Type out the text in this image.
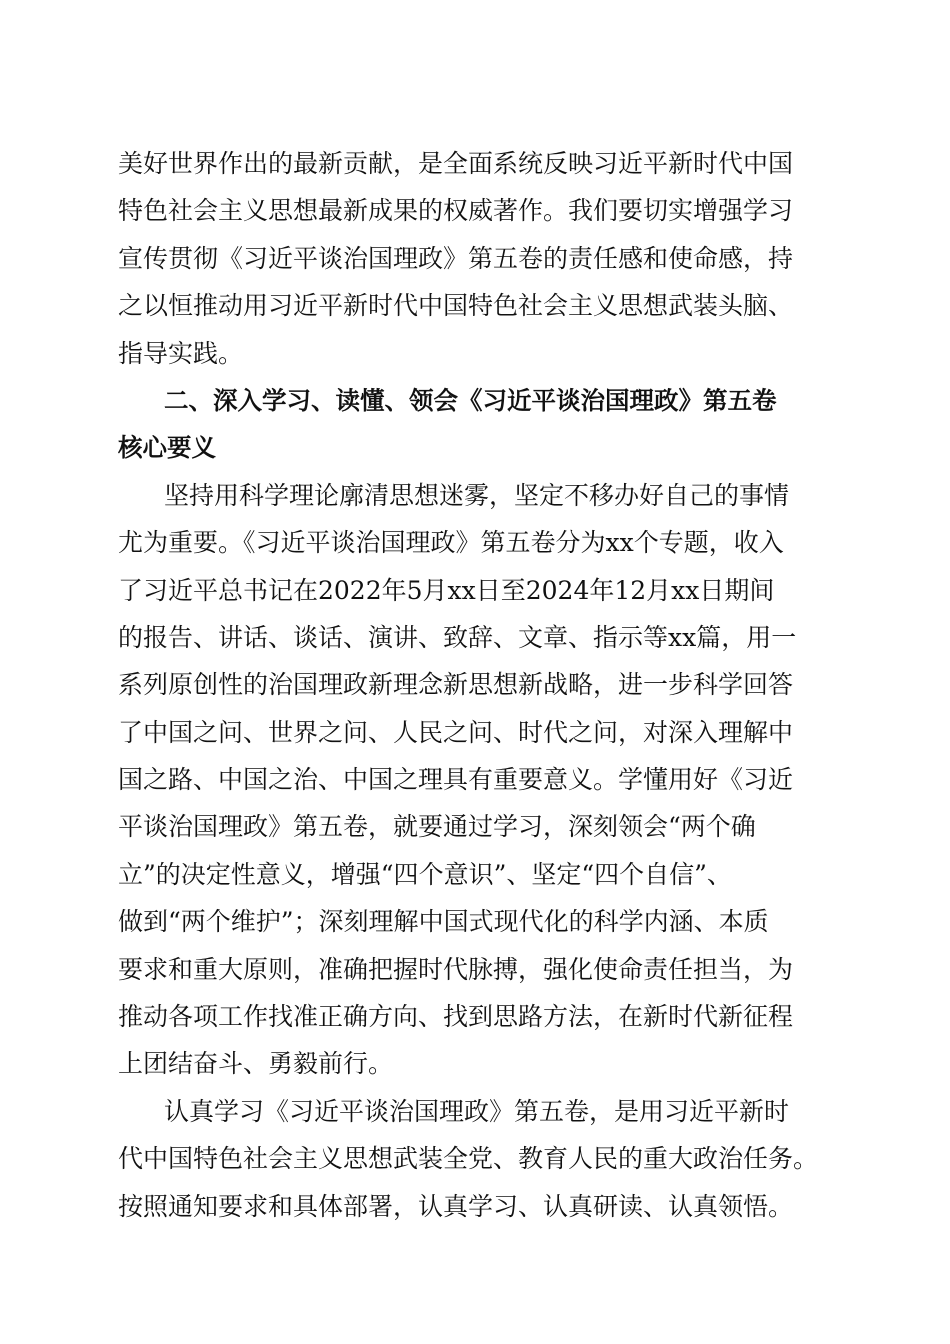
美好世界作出的最新贡献，是全面系统反映习近平新时代中国
特色社会主义思想最新成果的权威著作。我们要切实增强学习
宣传贯彻《习近平谈治国理政》第五卷的责任感和使命感，持
之以恒推动用习近平新时代中国特色社会主义思想武装头脑、
指导实践。
二、深入学习、读懂、领会《习近平谈治国理政》第五卷
核心要义
坚持用科学理论廓清思想迷雾，坚定不移办好自己的事情
尤为重要。《习近平谈治国理政》第五卷分为xx个专题，收入
了习近平总书记在2022年5月xx日至2024年12月xx日期间
的报告、讲话、谈话、演讲、致辞、文章、指示等xx篇，用一
系列原创性的治国理政新理念新思想新战略，进一步科学回答
了中国之问、世界之问、人民之问、时代之问，对深入理解中
国之路、中国之治、中国之理具有重要意义。学懂用好《习近
平谈治国理政》第五卷，就要通过学习，深刻领会“两个确
立”的决定性意义，增强“四个意识”、坚定“四个自信”、
做到“两个维护”；深刻理解中国式现代化的科学内涵、本质
要求和重大原则，准确把握时代脉搏，强化使命责任担当，为
推动各项工作找准正确方向、找到思路方法，在新时代新征程
上团结奋斗、勇毅前行。
认真学习《习近平谈治国理政》第五卷，是用习近平新时
代中国特色社会主义思想武装全党、教育人民的重大政治任务。
按照通知要求和具体部署，认真学习、认真研读、认真领悟。
